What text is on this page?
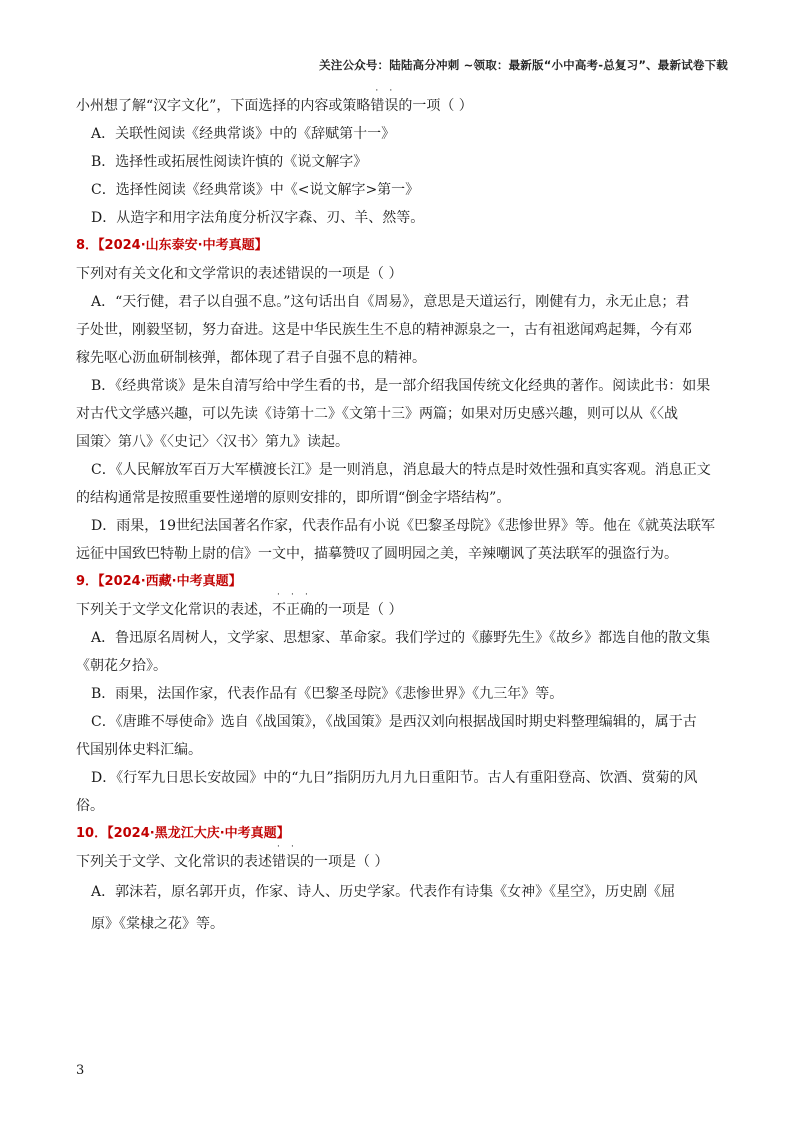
关注公众号：陆陆高分冲刺 ~领取：最新版“小中高考-总复习”、最新试卷下载

小州想了解“汉字文化”，下面选择的内容或策略错误
· ·
的一项（ ）

A．关联性阅读《经典常谈》中的《辞赋第十一》

B．选择性或拓展性阅读许慎的《说文解字》

C．选择性阅读《经典常谈》中《<说文解字>第一》

D．从造字和用字法角度分析汉字森、刃、羊、然等。

8．【2024·山东泰安·中考真题】

下列对有关文化和文学常识的表述错误的一项是（ ）

A．“天行健，君子以自强不息。”这句话出自《周易》，意思是天道运行，刚健有力，永无止息；君

子处世，刚毅坚韧，努力奋进。这是中华民族生生不息的精神源泉之一，古有祖逖闻鸡起舞，今有邓

稼先呕心沥血研制核弹，都体现了君子自强不息的精神。

B．《经典常谈》是朱自清写给中学生看的书，是一部介绍我国传统文化经典的著作。阅读此书：如果

对古代文学感兴趣，可以先读《诗第十二》《文第十三》两篇；如果对历史感兴趣，则可以从《〈战

国策〉第八》《〈史记〉〈汉书〉第九》读起。

C．《人民解放军百万大军横渡长江》是一则消息，消息最大的特点是时效性强和真实客观。消息正文

的结构通常是按照重要性递增的原则安排的，即所谓“倒金字塔结构”。

D．雨果，19世纪法国著名作家，代表作品有小说《巴黎圣母院》《悲惨世界》等。他在《就英法联军

远征中国致巴特勒上尉的信》一文中，描摹赞叹了圆明园之美，辛辣嘲讽了英法联军的强盗行为。

9．【2024·西藏·中考真题】

下列关于文学文化常识的表述，不正确
· · ·
的一项是（ ）

A．鲁迅原名周树人，文学家、思想家、革命家。我们学过的《藤野先生》《故乡》都选自他的散文集

《朝花夕拾》。

B．雨果，法国作家，代表作品有《巴黎圣母院》《悲惨世界》《九三年》等。

C．《唐雎不辱使命》选自《战国策》，《战国策》是西汉刘向根据战国时期史料整理编辑的，属于古

代国别体史料汇编。

D．《行军九日思长安故园》中的“九日”指阴历九月九日重阳节。古人有重阳登高、饮酒、赏菊的风

俗。

10．【2024·黑龙江大庆·中考真题】

下列关于文学、文化常识的表述错误
· ·
的一项是（ ）

A．郭沫若，原名郭开贞，作家、诗人、历史学家。代表作有诗集《女神》《星空》，历史剧《屈

原》《棠棣之花》等。

3
